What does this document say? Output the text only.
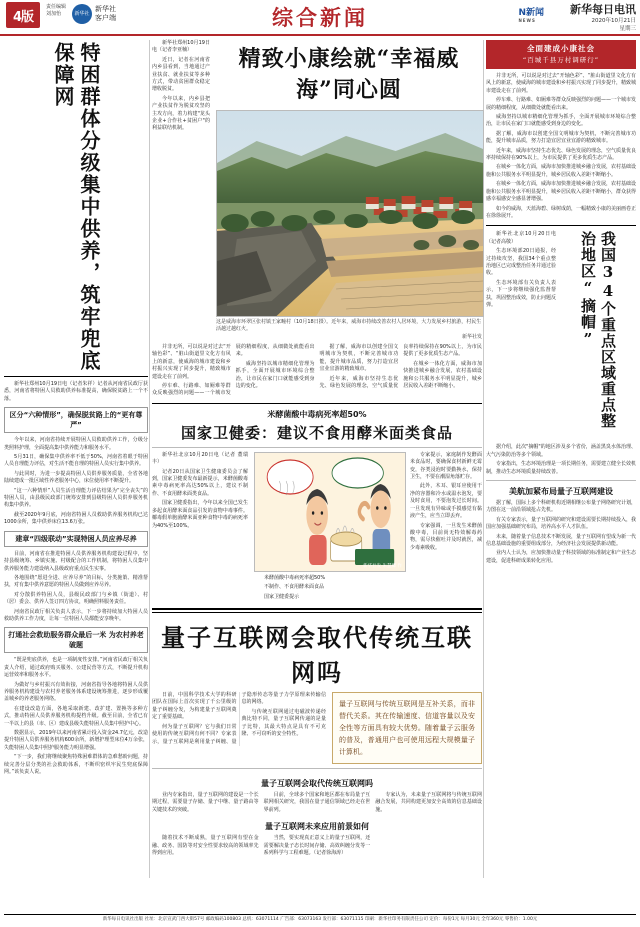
4版
责任编辑 刘加怡	新华社
新华社
客户端	综合新闻	N新闻
NEWS
新华每日电讯
2020年10月21日
星期三
特困群体分级集中供养，筑牢兜底保障网

新华社郑州10月19日电（记者朱祥）记者从河南省民政厅获悉，河南省将特困人员救助供养标准提高，确保脱贫路上一个不落。

区分“六种情形”，确保脱贫路上的“更有尊严”

今年以来，河南省持续开展特困人员救助供养工作，分级分类照料护理，全面提高集中供养能力和服务水平。

5月31日，确保集中供养率不低于50%，河南省着眼于特困人员自理能力评估，对生活不能自理的特困人员实行集中供养。

与此同时，为进一步提高特困人员供养服务质量，全省各地陆续建成一批区域性养老服务中心，床位使用率不断提升。

“这一六种情形”人员生活自理能力评估结果为“完全丧失”的特困人员，由县级民政部门统筹安排到县级特困人员供养服务机构集中供养。

截至2020年9月底，河南省特困人员救助供养服务机构已达1000余所，集中供养床位13.6万张。

建章“四级联动”实现特困人员应养尽养

目前，河南省在推进特困人员供养服务机构建设过程中，坚持县级统筹、乡镇实施、村级配合的工作机制，将特困人员集中供养服务能力建设纳入县级政府重点民生实事。

各地围绕“愿进全进、应养尽养”的目标，分类施策、精准帮扶，对有集中供养意愿的特困人员做到应养尽养。

对分散供养特困人员，县级民政部门与乡镇（街道）、村（居）委会、供养人签订四方协议，明确照料服务责任。

河南省民政厅相关负责人表示，下一步将持续加大特困人员救助供养工作力度，让每一位特困人员都能安享晚年。

打通社会救助服务群众最后一米 为农村养老破题

“既是兜底供养，也是一项制度性安排。”河南省民政厅相关负责人介绍，通过政府购买服务、公建民营等方式，不断提升机构运营效率和服务水平。

为做好与乡村振兴有效衔接，河南省指导各地将特困人员供养服务机构建设与农村养老服务体系建设统筹推进，逐步形成覆盖城乡的养老服务网络。

在建设改造方面，各地采取新建、改扩建、置换等多种方式，推动特困人员供养服务机构提档升级。截至目前，全省已有一半以上的县（市、区）建成县级失能特困人员集中照护中心。

数据显示，2019年以来河南省累计投入资金24.7亿元，改造提升特困人员供养服务机构600余所，新增护理型床位4万余张，失能特困人员集中照护服务能力明显增强。

“下一步，我们将继续聚焦特殊困难群体的急难愁盼问题，持续完善分层分类的社会救助体系，不断织密织牢民生兜底保障网。”该负责人说。

新华社郑州10月19日电（记者李亚楠）

近日，记者在河南省内乡县看到，当地通过产业扶贫、就业扶贫等多种方式，带动贫困群众稳定增收脱贫。

今年以来，内乡县把产业扶贫作为脱贫攻坚的主攻方向，着力构建"龙头企业+合作社+贫困户"的利益联结机制。

精致小康绘就“幸福威海”同心圆
这是威海市环翠区张村镇王家疃村（10月18日摄）。近年来，威海市持续改善农村人居环境，大力发展乡村旅游，村民生活越过越红火。
新华社发

并非无所，可以说是对过去“开轴色彩”、“脏山街道里文化方有风上的新意，使威海的城市建设和乡村振兴实现了同步提升，精致城市建设走在了前列。

停车难、行路难、如厕难等群众反映强烈的问题——一个城市发展的精细程度，从细微处就能看出来。

威海坚持以城市精细化管理为抓手，全面开展城市环境综合整治，让市民在家门口就能感受到身边的变化。

据了解，威海市以创建全国文明城市为契机，不断完善城市功能，提升城市品质，努力打造宜居宜业宜游的精致城市。

近年来，威海市坚持生态优先、绿色发展的理念，空气质量优良率持续保持在90%以上，为市民提供了更多优质生态产品。

在城乡一体化方面，威海市加快推进城乡融合发展，农村基础设施和公共服务水平明显提升，城乡居民收入差距不断缩小。

米酵菌酸中毒病死率超50%
国家卫健委：建议不食用酵米面类食品

新华社北京10月20日电（记者 董瑞丰）

记者20日从国家卫生健康委员会了解到，国家卫健委发布最新提示，米酵菌酸毒素中毒病死率高达50%以上，建议不制作、不食用酵米面类食品。

国家卫健委指出，今年以来全国已发生多起食用酵米面食品引发的食物中毒事件。椰毒假单胞菌酵米面亚种食物中毒的病死率为40%至100%。

新华社发 朱慧卿 作

米酵菌酸中毒病死率超50%

不制作、不食用酵米面食品

国家卫健委提示

专家提示，家庭制作发酵面米食品时，要确保食材新鲜无霉变，谷类浸泡时要勤换水，保持卫生，不要在潮湿角落贮存。

此外，木耳、银耳应使用干净的容器和冷水或温水泡发，要及时食用，不要泡发过长时间。一旦发现有异味或手摸感觉有黏液产生，应当立即丢弃。

专家强调，一旦发生米酵菌酸中毒，目前尚无特效解毒药物，需尽快催吐并及时就医，减少毒素吸收。

量子互联网会取代传统互联网吗

日前，中国科学技术大学的科研团队在国际上首次实现了千公里级的量子纠缠分发，为构建量子互联网奠定了重要基础。

何为量子互联网？它与我们日常使用的传统互联网有何不同？专家表示，量子互联网是利用量子纠缠、量子隐形传态等量子力学原理来传输信息的网络。

与传统互联网通过电磁波传递经典比特不同，量子互联网传递的是量子比特，其最大特点是具有不可克隆、不可窃听的安全特性。

量子互联网与传统互联网是互补关系，而非替代关系。其在传输速度、信道容量以及安全性等方面具有较大优势。随着量子云服务的普及，普通用户也可使用远程大规模量子计算机。
量子互联网会取代传统互联网吗

业内专家指出，量子互联网的建设是一个长期过程，需要量子存储、量子中继、量子路由等关键技术的突破。

目前，全球多个国家和地区都在布局量子互联网相关研究，我国在量子通信领域已经走在世界前列。

专家认为，未来量子互联网将与传统互联网融合发展，共同构建更加安全高效的信息基础设施。

量子互联网未来应用前景如何

随着技术不断成熟，量子互联网有望在金融、政务、国防等对安全性要求较高的领域率先得到应用。

当然，要实现真正意义上的量子互联网，还需要解决量子态长时间存储、高效纠缠分发等一系列科学与工程难题。（记者徐海涛）

全面建成小康社会
“百城千县万村调研行”

并非无所，可以说是对过去“开轴色彩”、“脏山街道里文化方有风上的新意，使威海的城市建设和乡村振兴实现了同步提升，精致城市建设走在了前列。

停车难、行路难、如厕难等群众反映强烈的问题——一个城市发展的精细程度，从细微处就能看出来。

威海坚持以城市精细化管理为抓手，全面开展城市环境综合整治，让市民在家门口就能感受到身边的变化。

据了解，威海市以创建全国文明城市为契机，不断完善城市功能，提升城市品质，努力打造宜居宜业宜游的精致城市。

近年来，威海市坚持生态优先、绿色发展的理念，空气质量优良率持续保持在90%以上，为市民提供了更多优质生态产品。

在城乡一体化方面，威海市加快推进城乡融合发展，农村基础设施和公共服务水平明显提升，城乡居民收入差距不断缩小。

在城乡一体化方面，威海市加快推进城乡融合发展，农村基础设施和公共服务水平明显提升，城乡居民收入差距不断缩小，群众获得感幸福感安全感显著增强。

如今的威海，天蓝海碧、绿树成荫，一幅精致小康的美丽画卷正在徐徐展开。

新华社北京10月20日电（记者高敬）

生态环境部20日通报，经过持续攻坚，我国34个重点整治地区已完成整治任务并通过验收。

生态环境部有关负责人表示，下一步将继续强化监督帮扶，巩固整治成效，防止问题反弹。	我国34个重点区域重点整治地区“摘帽”

据介绍，此次"摘帽"的地区涉及多个省份，涵盖黑臭水体治理、大气污染防治等多个领域。

专家指出，生态环境治理是一项长期任务，需要建立健全长效机制，推动生态环境质量持续改善。

美航加紧布局量子互联网建设

据了解，国际上多个科研机构近期相继公布量子网络研究计划，力图在这一前沿领域抢占先机。

有关专家表示，量子互联网的研究和建设需要长期持续投入，我国应加强基础研究布局，培养高水平人才队伍。

未来，随着量子信息技术不断发展，量子互联网有望成为新一代信息基础设施的重要组成部分，为经济社会发展提供新动能。

业内人士认为，应加快推动量子科技领域的标准制定和产业生态建设，促进科研成果转化应用。

新华每日电讯社出版 社址：北京宣武门西大街57号 邮政编码100803 总机：63071114 广告部：63073163 发行部：63071115 印刷：新华社印务有限责任公司 定价：每份1元 每月30元 全年360元 零售价：1.00元
